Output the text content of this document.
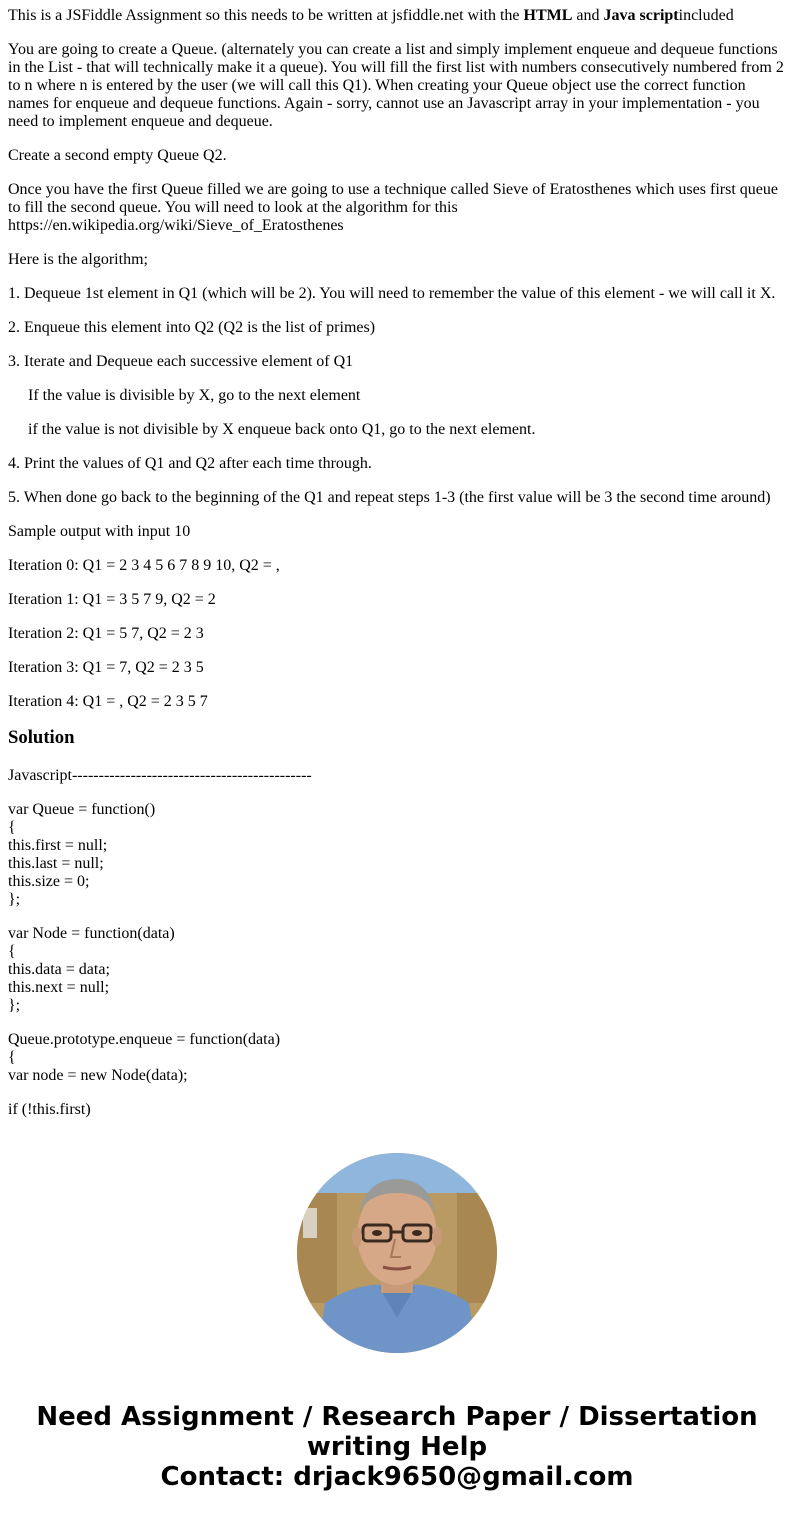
This is a JSFiddle Assignment so this needs to be written at jsfiddle.net with the HTML and Java scriptincluded

You are going to create a Queue. (alternately you can create a list and simply implement enqueue and dequeue functions in the List - that will technically make it a queue). You will fill the first list with numbers consecutively numbered from 2 to n where n is entered by the user (we will call this Q1). When creating your Queue object use the correct function names for enqueue and dequeue functions. Again - sorry, cannot use an Javascript array in your implementation - you need to implement enqueue and dequeue.

Create a second empty Queue Q2.

Once you have the first Queue filled we are going to use a technique called Sieve of Eratosthenes which uses first queue to fill the second queue. You will need to look at the algorithm for this https://en.wikipedia.org/wiki/Sieve_of_Eratosthenes

Here is the algorithm;

1. Dequeue 1st element in Q1 (which will be 2). You will need to remember the value of this element - we will call it X.

2. Enqueue this element into Q2 (Q2 is the list of primes)

3. Iterate and Dequeue each successive element of Q1

If the value is divisible by X, go to the next element

if the value is not divisible by X enqueue back onto Q1, go to the next element.

4. Print the values of Q1 and Q2 after each time through.

5. When done go back to the beginning of the Q1 and repeat steps 1-3 (the first value will be 3 the second time around)

Sample output with input 10

Iteration 0: Q1 = 2 3 4 5 6 7 8 9 10, Q2 = ,

Iteration 1: Q1 = 3 5 7 9, Q2 = 2

Iteration 2: Q1 = 5 7, Q2 = 2 3

Iteration 3: Q1 = 7, Q2 = 2 3 5

Iteration 4: Q1 = , Q2 = 2 3 5 7

Solution

Javascript---------------------------------------------

var Queue = function()
{
this.first = null;
this.last = null;
this.size = 0;
};
var Node = function(data)
{
this.data = data;
this.next = null;
};
Queue.prototype.enqueue = function(data)
{
var node = new Node(data);

if (!this.first)

Need Assignment / Research Paper / Dissertation
writing Help
Contact: drjack9650@gmail.com
